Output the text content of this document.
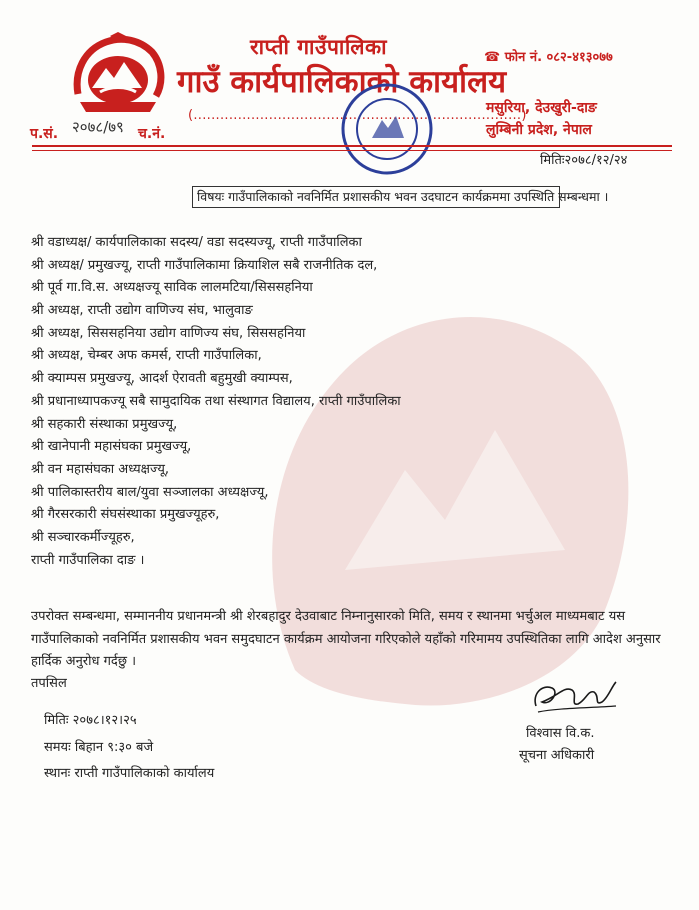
राप्ती गाउँपालिका
गाउँ कार्यपालिकाको कार्यालय
☎ फोन नं. ०८२-४१३०७७
मसुरिया, देउखुरी-दाङ
लुम्बिनी प्रदेश, नेपाल
(..........................................................................)
२०७८/७९
प.सं.	च.नं.
मितिः२०७८/१२/२४
विषयः गाउँपालिकाको नवनिर्मित प्रशासकीय भवन उदघाटन कार्यक्रममा उपस्थिति सम्बन्धमा ।
श्री वडाध्यक्ष/ कार्यपालिकाका सदस्य/ वडा सदस्यज्यू, राप्ती गाउँपालिका
श्री अध्यक्ष/ प्रमुखज्यू, राप्ती गाउँपालिकामा क्रियाशिल सबै राजनीतिक दल,
श्री पूर्व गा.वि.स. अध्यक्षज्यू साविक लालमटिया/सिससहनिया
श्री अध्यक्ष, राप्ती उद्योग वाणिज्य संघ, भालुवाङ
श्री अध्यक्ष, सिससहनिया उद्योग वाणिज्य संघ, सिससहनिया
श्री अध्यक्ष, चेम्बर अफ कमर्स, राप्ती गाउँपालिका,
श्री क्याम्पस प्रमुखज्यू, आदर्श ऐरावती बहुमुखी क्याम्पस,
श्री प्रधानाध्यापकज्यू सबै सामुदायिक तथा संस्थागत विद्यालय, राप्ती गाउँपालिका
श्री सहकारी संस्थाका प्रमुखज्यू,
श्री खानेपानी महासंघका प्रमुखज्यू,
श्री वन महासंघका अध्यक्षज्यू,
श्री पालिकास्तरीय बाल/युवा सञ्जालका अध्यक्षज्यू,
श्री गैरसरकारी संघसंस्थाका प्रमुखज्यूहरु,
श्री सञ्चारकर्मीज्यूहरु,
राप्ती गाउँपालिका दाङ ।
उपरोक्त सम्बन्धमा, सम्माननीय प्रधानमन्त्री श्री शेरबहादुर देउवाबाट निम्नानुसारको मिति, समय र स्थानमा भर्चुअल माध्यमबाट यस गाउँपालिकाको नवनिर्मित प्रशासकीय भवन समुदघाटन कार्यक्रम आयोजना गरिएकोले यहाँको गरिमामय उपस्थितिका लागि आदेश अनुसार हार्दिक अनुरोध गर्दछु ।
तपसिल
मितिः २०७८।१२।२५
समयः बिहान ९:३० बजे
स्थानः राप्ती गाउँपालिकाको कार्यालय
विश्वास वि.क.
सूचना अधिकारी
